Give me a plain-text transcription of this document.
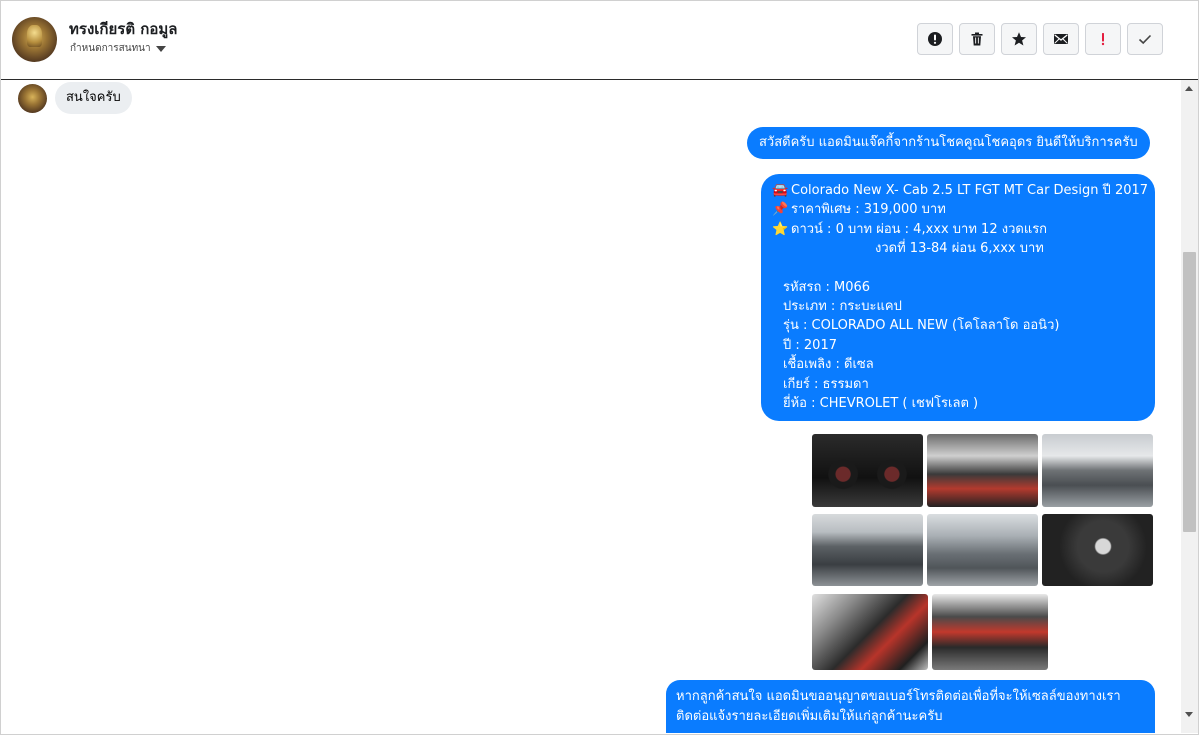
ทรงเกียรติ กอมูล
กำหนดการสนทนา
สนใจครับ
สวัสดีครับ แอดมินแจ๊คกี้จากร้านโชคคูณโชคอุดร ยินดีให้บริการครับ
🚘 Colorado New X- Cab 2.5 LT FGT MT Car Design ปี 2017
📌 ราคาพิเศษ : 319,000 บาท
⭐ ดาวน์ : 0 บาท ผ่อน : 4,xxx บาท 12 งวดแรก
งวดที่ 13-84 ผ่อน 6,xxx บาท
รหัสรถ : M066
ประเภท : กระบะแคป
รุ่น : COLORADO ALL NEW (โคโลลาโด ออนิว)
ปี : 2017
เชื้อเพลิง : ดีเซล
เกียร์ : ธรรมดา
ยี่ห้อ : CHEVROLET ( เชฟโรเลต )
หากลูกค้าสนใจ แอดมินขออนุญาตขอเบอร์โทรติดต่อเพื่อที่จะให้เซลล์ของทางเรา
ติดต่อแจ้งรายละเอียดเพิ่มเติมให้แก่ลูกค้านะครับ
